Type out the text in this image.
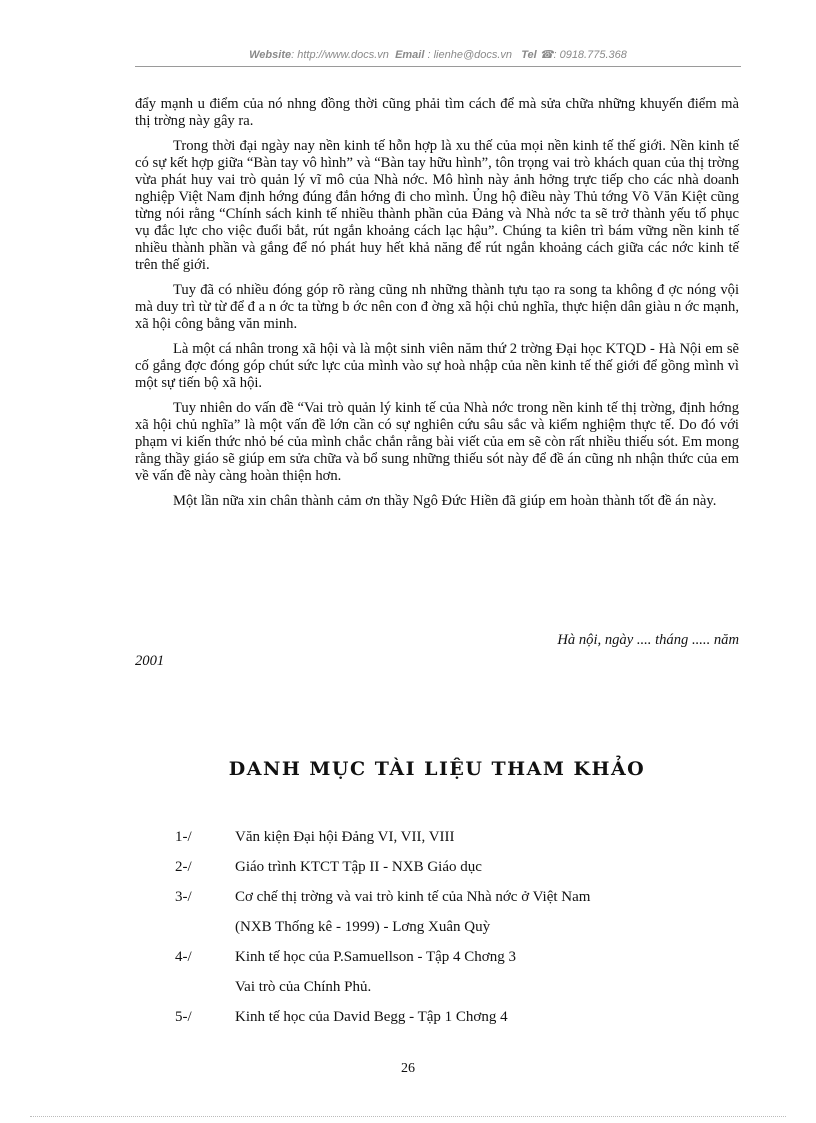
Website: http://www.docs.vn Email : lienhe@docs.vn Tel ☎: 0918.775.368

đẩy mạnh u điểm của nó nhng đồng thời cũng phải tìm cách để mà sửa chữa những khuyến điểm mà thị trờng này gây ra.

Trong thời đại ngày nay nền kinh tế hỗn hợp là xu thế của mọi nền kinh tế thế giới. Nền kinh tế có sự kết hợp giữa “Bàn tay vô hình” và “Bàn tay hữu hình”, tôn trọng vai trò khách quan của thị trờng vừa phát huy vai trò quản lý vĩ mô của Nhà nớc. Mô hình này ảnh hởng trực tiếp cho các nhà doanh nghiệp Việt Nam định hớng đúng đắn hớng đi cho mình. Ủng hộ điều này Thủ tớng Võ Văn Kiệt cũng từng nói rằng “Chính sách kinh tế nhiều thành phần của Đảng và Nhà nớc ta sẽ trở thành yếu tố phục vụ đắc lực cho việc đuổi bắt, rút ngắn khoảng cách lạc hậu”. Chúng ta kiên trì bám vững nền kinh tế nhiều thành phần và gắng để nó phát huy hết khả năng để rút ngắn khoảng cách giữa các nớc kinh tế trên thế giới.

Tuy đã có nhiều đóng góp rõ ràng cũng nh những thành tựu tạo ra song ta không đ ợc nóng vội mà duy trì từ từ để đ a n ớc ta từng b ớc nên con đ ờng xã hội chủ nghĩa, thực hiện dân giàu n ớc mạnh, xã hội công bằng văn minh.

Là một cá nhân trong xã hội và là một sinh viên năm thứ 2 trờng Đại học KTQD - Hà Nội em sẽ cố gắng đợc đóng góp chút sức lực của mình vào sự hoà nhập của nền kinh tế thế giới để gồng mình vì một sự tiến bộ xã hội.

Tuy nhiên do vấn đề “Vai trò quản lý kinh tế của Nhà nớc trong nền kinh tế thị trờng, định hớng xã hội chủ nghĩa” là một vấn đề lớn cần có sự nghiên cứu sâu sắc và kiểm nghiệm thực tế. Do đó với phạm vi kiến thức nhỏ bé của mình chắc chắn rằng bài viết của em sẽ còn rất nhiều thiếu sót. Em mong rằng thầy giáo sẽ giúp em sửa chữa và bổ sung những thiếu sót này để đề án cũng nh nhận thức của em về vấn đề này càng hoàn thiện hơn.

Một lần nữa xin chân thành cảm ơn thầy Ngô Đức Hiền đã giúp em hoàn thành tốt đề án này.

Hà nội, ngày .... tháng ..... năm
2001
DANH MỤC TÀI LIỆU THAM KHẢO
1-/	Văn kiện Đại hội Đảng VI, VII, VIII
2-/	Giáo trình KTCT Tập II - NXB Giáo dục
3-/	Cơ chế thị trờng và vai trò kinh tế của Nhà nớc ở Việt Nam
(NXB Thống kê - 1999) - Lơng Xuân Quỳ
4-/	Kinh tế học của P.Samuellson - Tập 4 Chơng 3
Vai trò của Chính Phủ.
5-/	Kinh tế học của David Begg - Tập 1 Chơng 4
26
